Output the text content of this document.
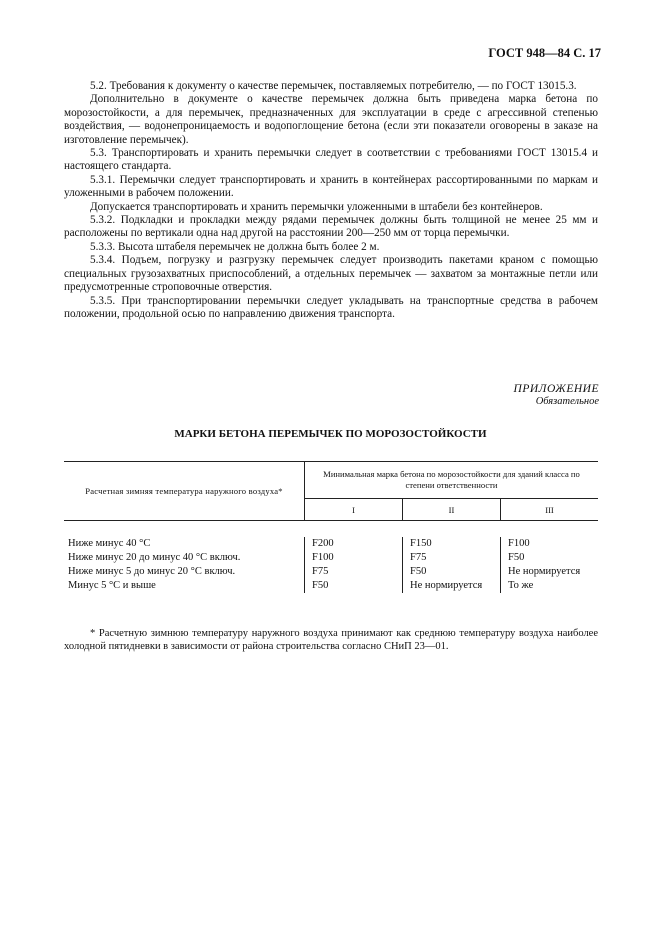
ГОСТ 948—84 С. 17

5.2. Требования к документу о качестве перемычек, поставляемых потребителю, — по ГОСТ 13015.3.

Дополнительно в документе о качестве перемычек должна быть приведена марка бетона по морозостойкости, а для перемычек, предназначенных для эксплуатации в среде с агрессивной степенью воздействия, — водонепроницаемость и водопоглощение бетона (если эти показатели оговорены в заказе на изготовление перемычек).

5.3. Транспортировать и хранить перемычки следует в соответствии с требованиями ГОСТ 13015.4 и настоящего стандарта.

5.3.1. Перемычки следует транспортировать и хранить в контейнерах рассортированными по маркам и уложенными в рабочем положении.

Допускается транспортировать и хранить перемычки уложенными в штабели без контейнеров.

5.3.2. Подкладки и прокладки между рядами перемычек должны быть толщиной не менее 25 мм и расположены по вертикали одна над другой на расстоянии 200—250 мм от торца перемычки.

5.3.3. Высота штабеля перемычек не должна быть более 2 м.

5.3.4. Подъем, погрузку и разгрузку перемычек следует производить пакетами краном с помощью специальных грузозахватных приспособлений, а отдельных перемычек — захватом за монтажные петли или предусмотренные строповочные отверстия.

5.3.5. При транспортировании перемычки следует укладывать на транспортные средства в рабочем положении, продольной осью по направлению движения транспорта.

ПРИЛОЖЕНИЕ
Обязательное
МАРКИ БЕТОНА ПЕРЕМЫЧЕК ПО МОРОЗОСТОЙКОСТИ
Расчетная зимняя температура наружного воздуха*
Минимальная марка бетона по морозостойкости для зданий класса по степени ответственности
I	II	III
Ниже минус 40 °С
Ниже минус 20 до минус 40 °С включ.
Ниже минус 5 до минус 20 °С включ.
Минус 5 °С и выше
F200
F100
F75
F50
F150
F75
F50
Не нормируется
F100
F50
Не нормируется
То же
* Расчетную зимнюю температуру наружного воздуха принимают как среднюю температуру воздуха наиболее холодной пятидневки в зависимости от района строительства согласно СНиП 23—01.
